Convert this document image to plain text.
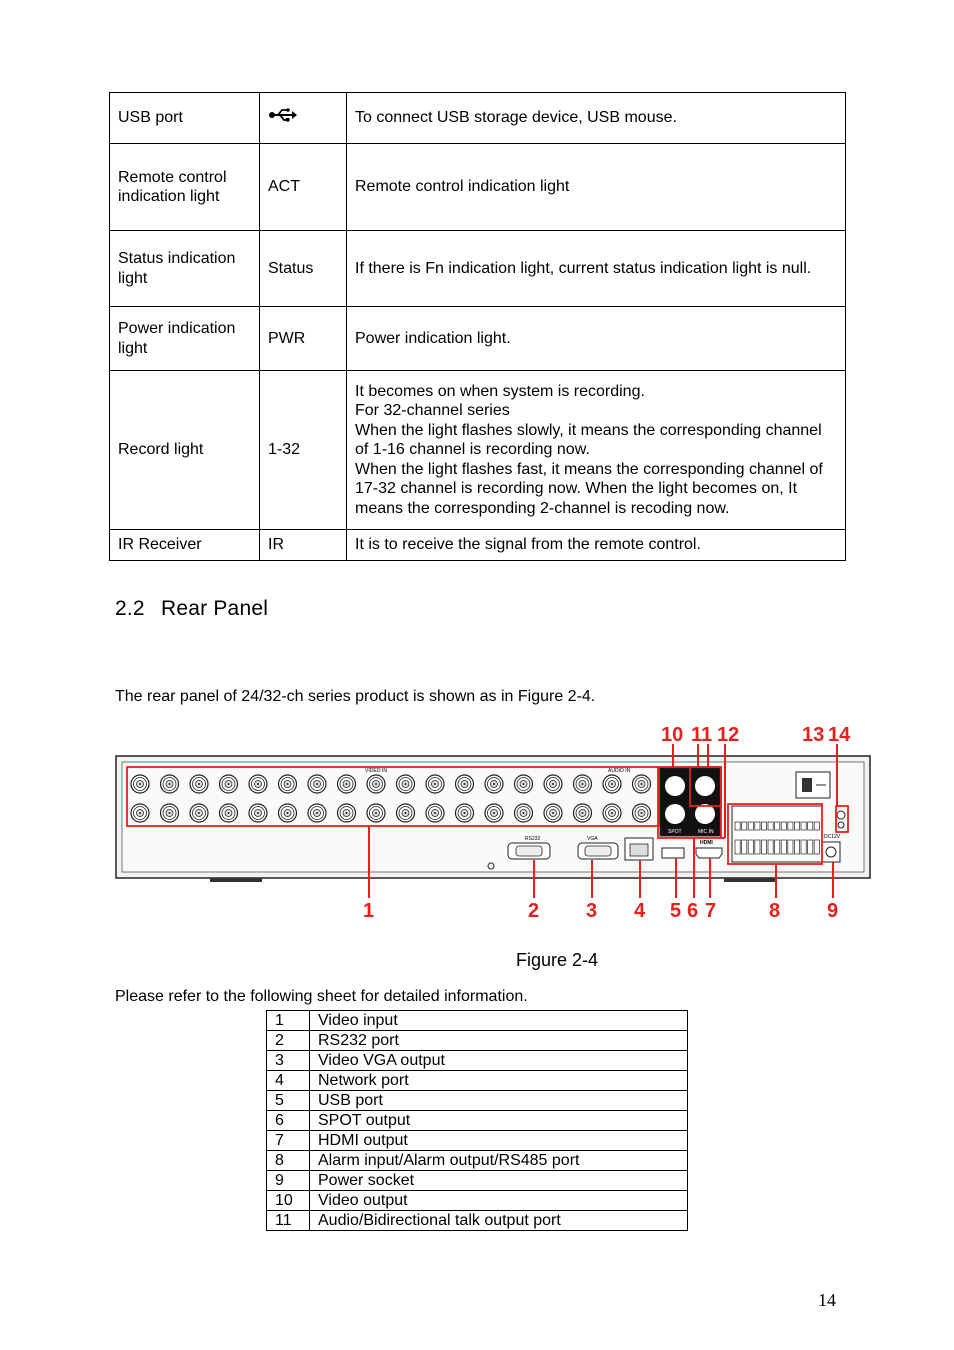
USB port		To connect USB storage device, USB mouse.
Remote control indication light	ACT	Remote control indication light
Status indication light	Status	If there is Fn indication light, current status indication light is null.
Power indication light	PWR	Power indication light.
Record light	1-32	It becomes on when system is recording.
For 32-channel series
When the light flashes slowly, it means the corresponding channel of 1-16 channel is recording now.
When the light flashes fast, it means the corresponding channel of 17-32 channel is recording now. When the light becomes on, It means the corresponding 2-channel is recoding now.
IR Receiver	IR	It is to receive the signal from the remote control.
2.2 Rear Panel
The rear panel of 24/32-ch series product is shown as in Figure 2-4.
VIDEO IN	AUDIO IN
SPOT	MIC IN
RS232	VGA
HDMI
DC12V
10 11 12	13 14
1	2 3 4 5 6 7	8 9
Figure 2-4
Please refer to the following sheet for detailed information.
1	Video input
2	RS232 port
3	Video VGA output
4	Network port
5	USB port
6	SPOT output
7	HDMI output
8	Alarm input/Alarm output/RS485 port
9	Power socket
10	Video output
11	Audio/Bidirectional talk output port
14
